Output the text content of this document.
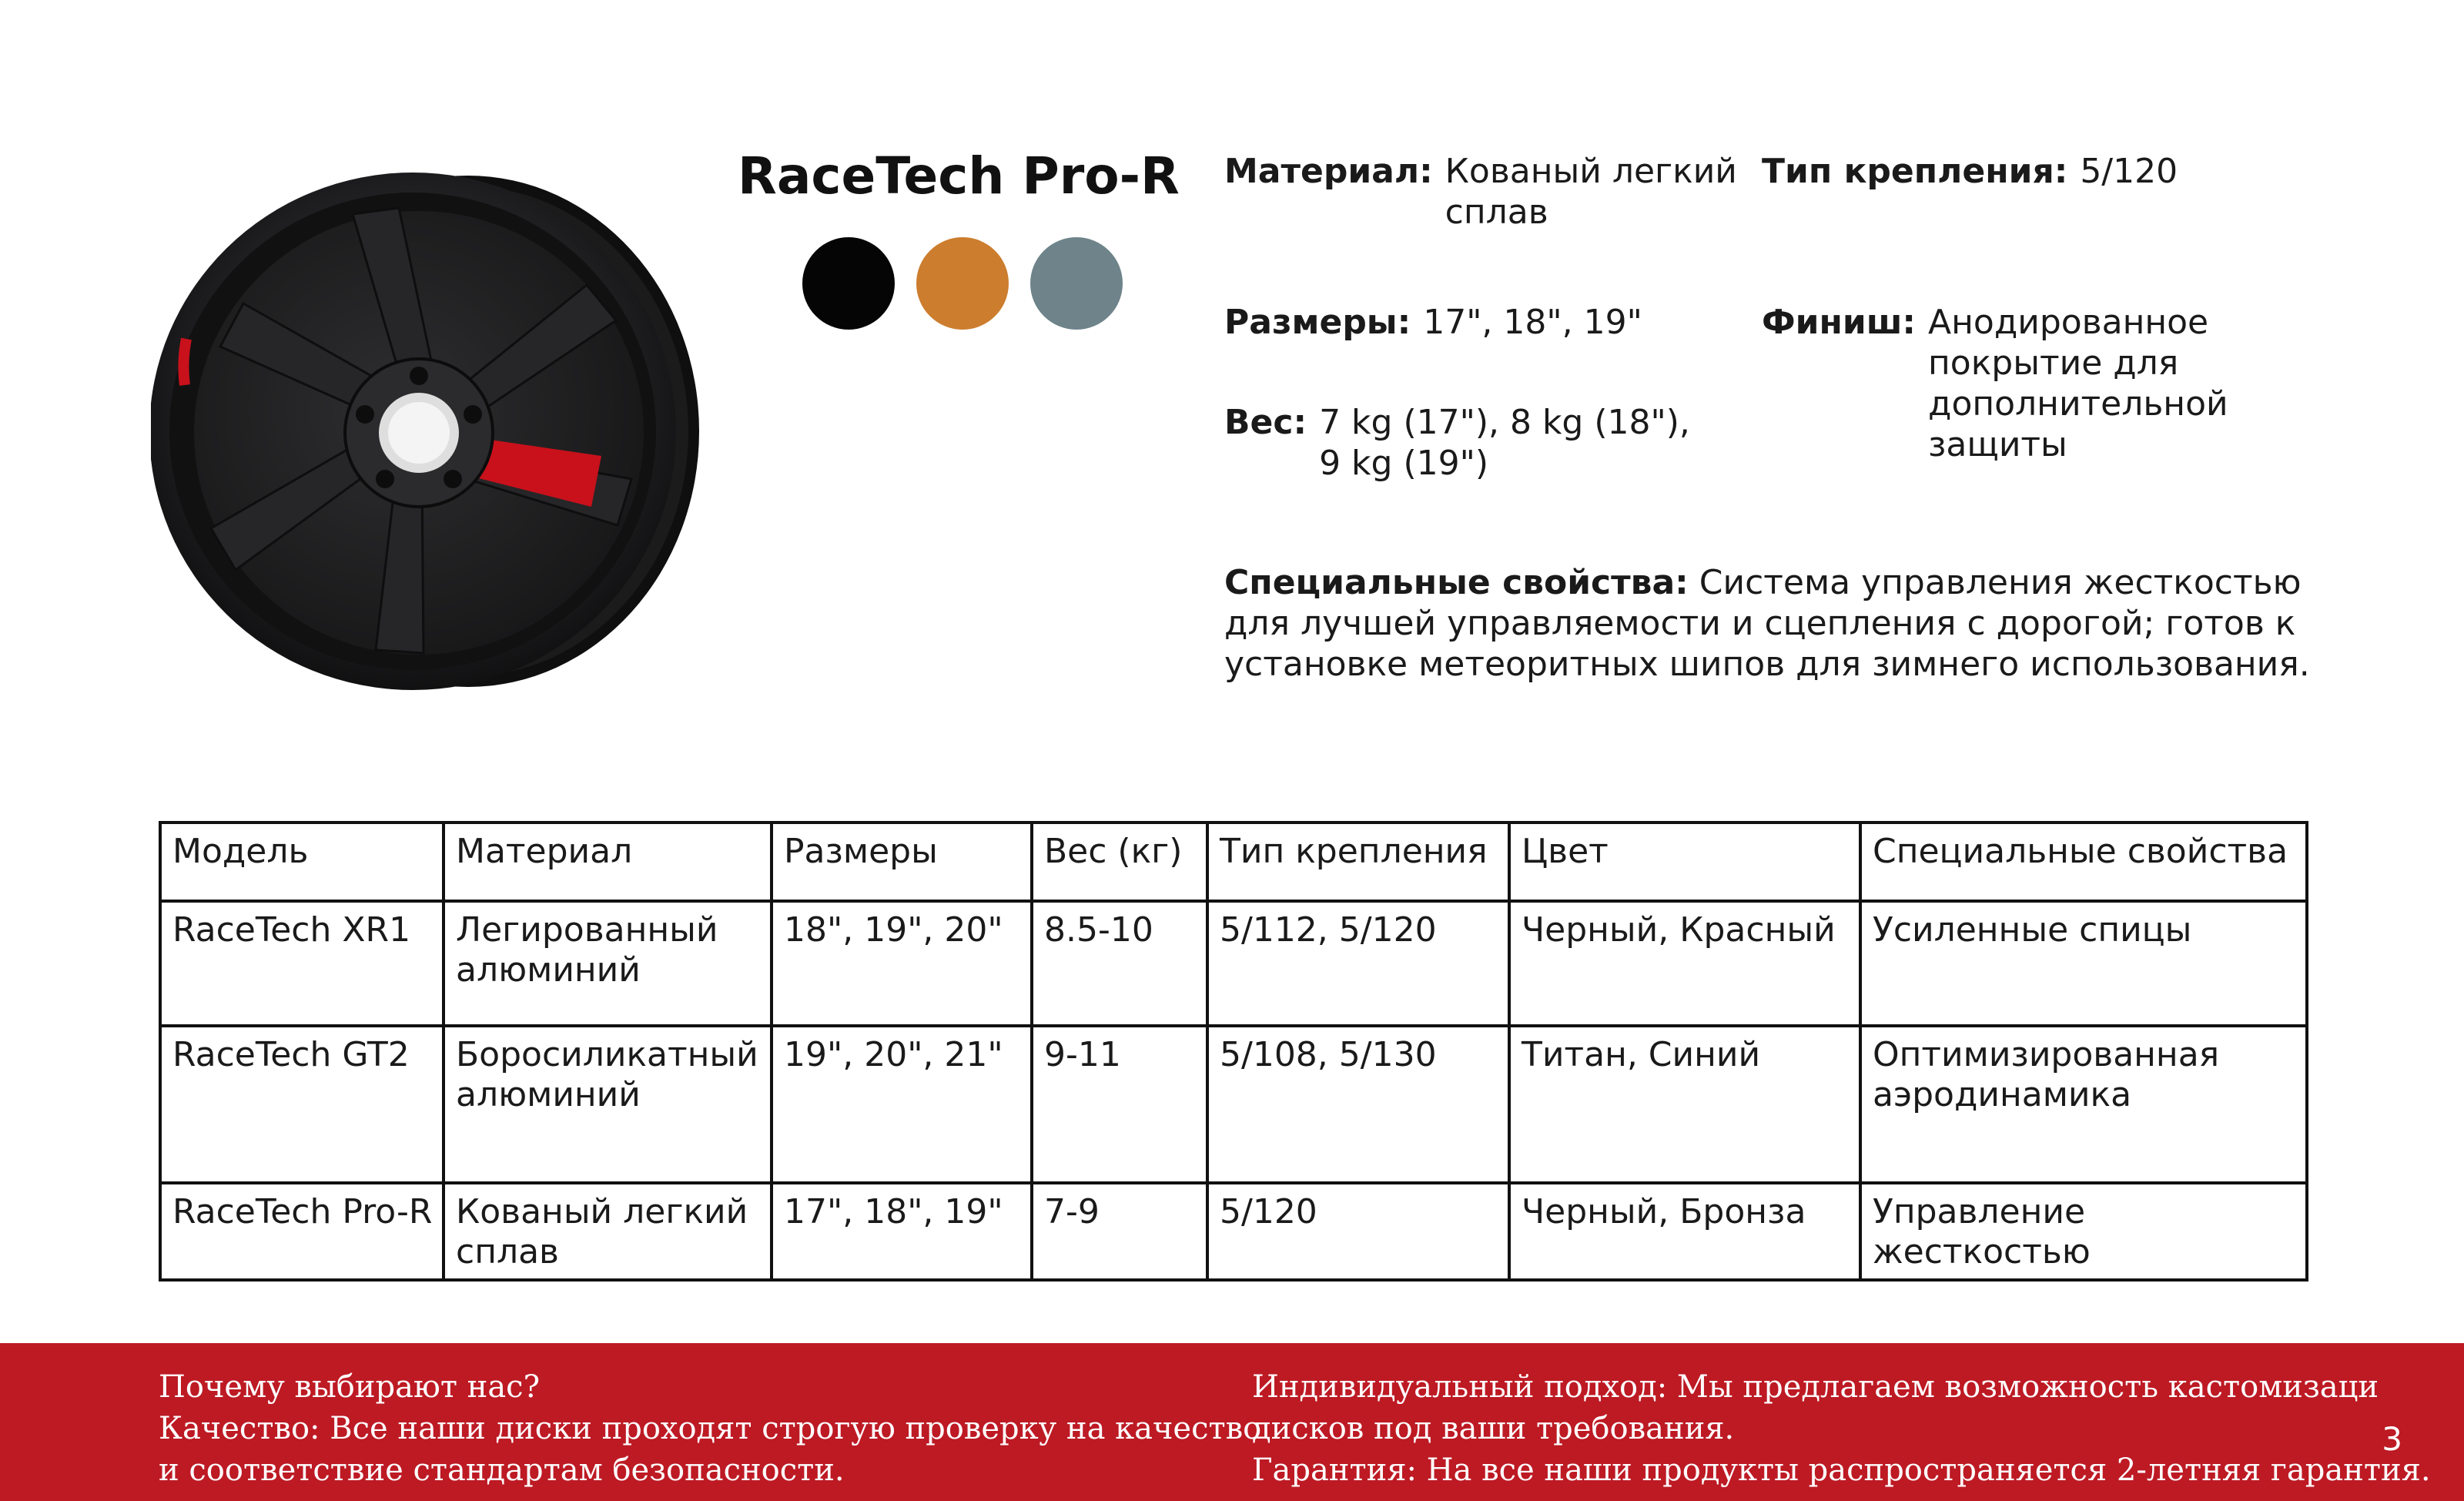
RaceTech Pro-R Материал: Кованый легкий
сплав
Тип крепления: 5/120
Размеры: 17", 18", 19"	Финиш: Анодированное
покрытие для
дополнительной
защиты
Вес: 7 kg (17"), 8 kg (18"),
9 kg (19")
Специальные свойства: Система управления жесткостью
для лучшей управляемости и сцепления с дорогой; готов к
установке метеоритных шипов для зимнего использования.
Модель	Материал	Размеры	Вес (кг)	Тип крепления	Цвет	Специальные свойства
RaceTech XR1	Легированный алюминий	18", 19", 20"	8.5-10	5/112, 5/120	Черный, Красный	Усиленные спицы
RaceTech GT2	Боросиликатный алюминий	19", 20", 21"	9-11	5/108, 5/130	Титан, Синий	Оптимизированная аэродинамика
RaceTech Pro-R	Кованый легкий сплав	17", 18", 19"	7-9	5/120	Черный, Бронза	Управление жесткостью
Почему выбирают нас?
Качество: Все наши диски проходят строгую проверку на качество
и соответствие стандартам безопасности.
Индивидуальный подход: Мы предлагаем возможность кастомизаци
дисков под ваши требования.
Гарантия: На все наши продукты распространяется 2-летняя гарантия.
3
